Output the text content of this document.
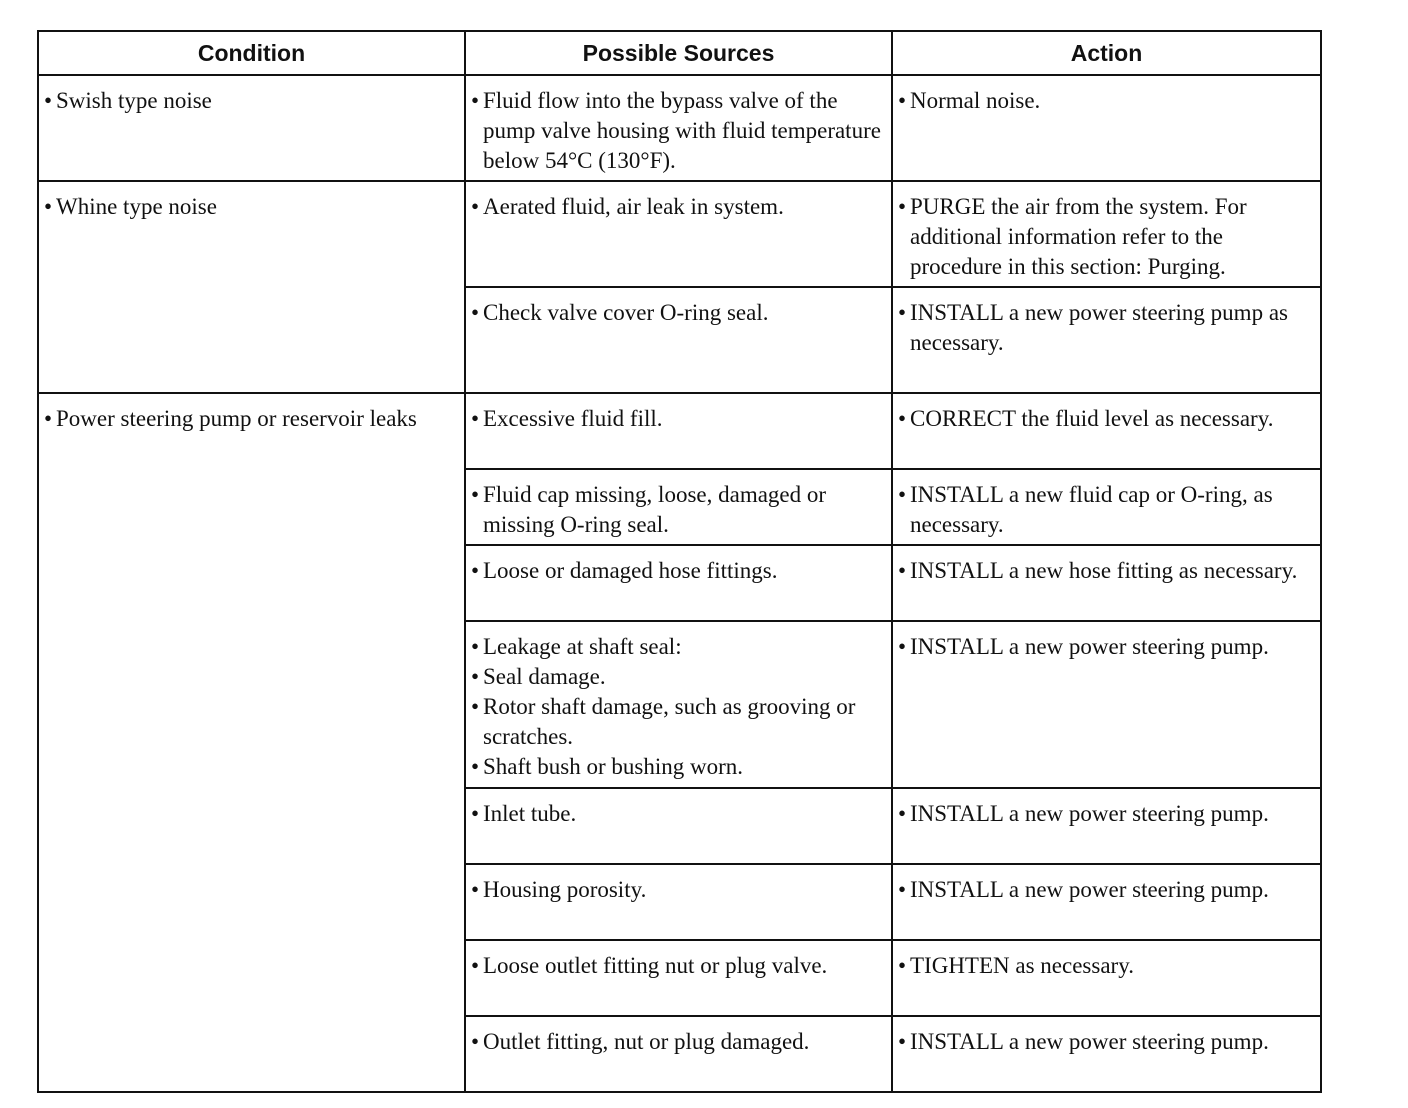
Condition	Possible Sources	Action

• Swish type noise	• Fluid flow into the bypass valve of the pump valve housing with fluid temperature below 54°C (130°F).	• Normal noise.

• Whine type noise	• Aerated fluid, air leak in system.	• PURGE the air from the system. For additional information refer to the procedure in this section: Purging.

	• Check valve cover O-ring seal.	• INSTALL a new power steering pump as necessary.

• Power steering pump or reservoir leaks	• Excessive fluid fill.	• CORRECT the fluid level as necessary.

	• Fluid cap missing, loose, damaged or missing O-ring seal.	• INSTALL a new fluid cap or O-ring, as necessary.

	• Loose or damaged hose fittings.	• INSTALL a new hose fitting as necessary.

	• Leakage at shaft seal:
• Seal damage.
• Rotor shaft damage, such as grooving or scratches.
• Shaft bush or bushing worn.	• INSTALL a new power steering pump.

	• Inlet tube.	• INSTALL a new power steering pump.

	• Housing porosity.	• INSTALL a new power steering pump.

	• Loose outlet fitting nut or plug valve.	• TIGHTEN as necessary.

	• Outlet fitting, nut or plug damaged.	• INSTALL a new power steering pump.
